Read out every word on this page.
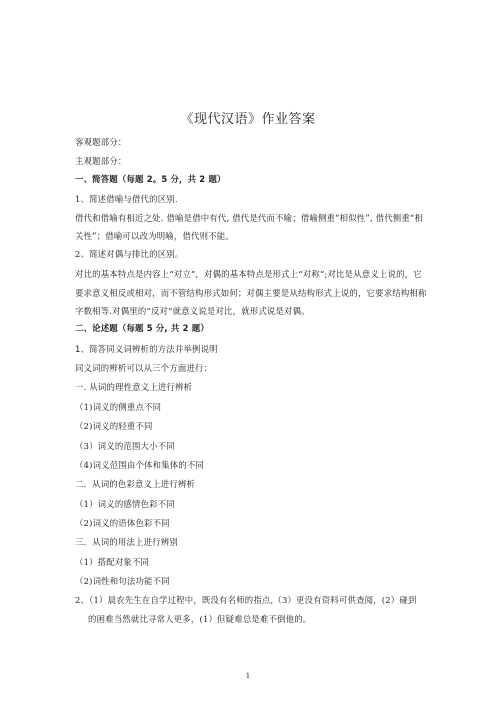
《现代汉语》作业答案
客观题部分：
主观题部分：
一、简答题（每题 2。5 分，共 2 题）
1、简述借喻与借代的区别.
借代和借喻有相近之处. 借喻是借中有代, 借代是代而不喻；借喻侧重“相似性”, 借代侧重“相
关性”；借喻可以改为明喻，借代则不能。
2、简述对偶与排比的区别。
对比的基本特点是内容上“对立”，对偶的基本特点是形式上“对称”;对比是从意义上说的，它
要求意义相反或相对，而不管结构形式如何；对偶主要是从结构形式上说的，它要求结构相称
字数相等.对偶里的“反对”就意义说是对比，就形式说是对偶。
二、论述题（每题 5 分, 共 2 题）
1、简答同义词辨析的方法并举例说明
同义词的辨析可以从三个方面进行：
一. 从词的理性意义上进行辨析
（1)词义的侧重点不同
（2)词义的轻重不同
（3）词义的范围大小不同
（4)词义范围由个体和集体的不同
二．从词的色彩意义上进行辨析
（1）词义的感情色彩不同
（2)词义的语体色彩不同
三．从词的用法上进行辨别
（1）搭配对象不同
（2)词性和句法功能不同
2、（1）晨农先生在自学过程中，既没有名师的指点,（3）更没有资料可供查阅，(2）碰到
的困难当然就比寻常人更多，(1）但疑难总是难不倒他的。
1
